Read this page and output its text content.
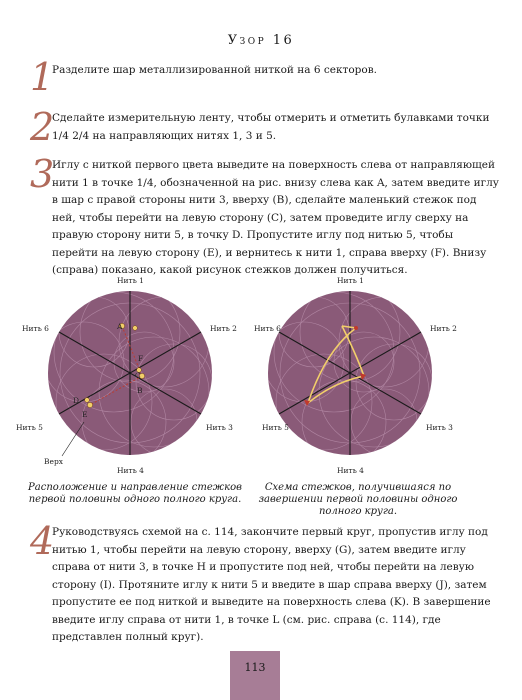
Узор 16
1
Разделите шар металлизированной ниткой на 6 секторов.
2
Сделайте измерительную ленту, чтобы отмерить и отметить булавками точки 1/4 2/4 на направляющих нитях 1, 3 и 5.
3
Иглу с ниткой первого цвета выведите на поверхность слева от направляющей нити 1 в точке 1/4, обозначенной на рис. внизу слева как A, затем введите иглу в шар с правой стороны нити 3, вверху (B), сделайте маленький стежок под ней, чтобы перейти на левую сторону (C), затем проведите иглу сверху на правую сторону нити 5, в точку D. Пропустите иглу под нитью 5, чтобы перейти на левую сторону (E), и вернитесь к нити 1, справа вверху (F). Внизу (справа) показано, какой рисунок стежков должен получиться.
A
B
C
D
E
F
Нить 1
Нить 2
Нить 3
Нить 4
Нить 5
Нить 6
Верх
Нить 1
Нить 2
Нить 3
Нить 4
Нить 5
Нить 6
Расположение и направление стежков первой половины одного полного круга.
Схема стежков, получившаяся по завершении первой половины одного полного круга.
4
Руководствуясь схемой на с. 114, закончите первый круг, пропустив иглу под нитью 1, чтобы перейти на левую сторону, вверху (G), затем введите иглу справа от нити 3, в точке H и пропустите под ней, чтобы перейти на левую сторону (I). Протяните иглу к нити 5 и введите в шар справа вверху (J), затем пропустите ее под ниткой и выведите на поверхность слева (K). В завершение введите иглу справа от нити 1, в точке L (см. рис. справа (с. 114), где представлен полный круг).
113
